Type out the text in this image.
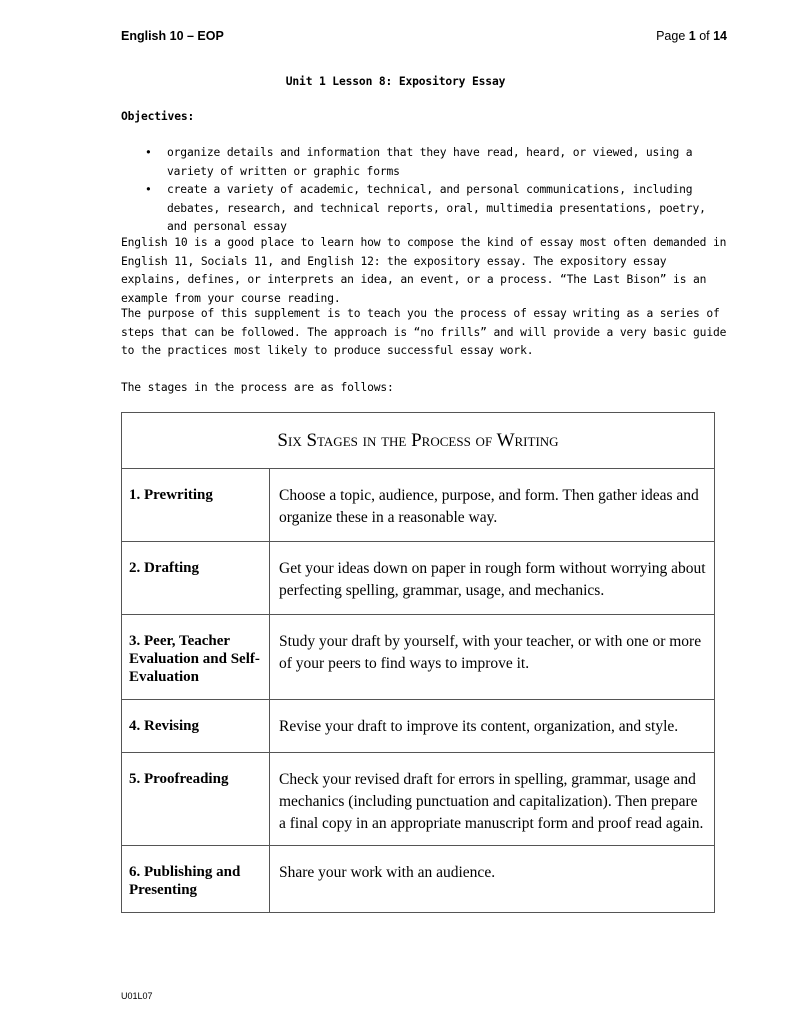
English 10 – EOP	Page 1 of 14
Unit 1 Lesson 8: Expository Essay
Objectives:
• organize details and information that they have read, heard, or viewed, using a variety of written or graphic forms
• create a variety of academic, technical, and personal communications, including debates, research, and technical reports, oral, multimedia presentations, poetry, and personal essay

English 10 is a good place to learn how to compose the kind of essay most often demanded in English 11, Socials 11, and English 12: the expository essay. The expository essay explains, defines, or interprets an idea, an event, or a process. “The Last Bison” is an example from your course reading.

The purpose of this supplement is to teach you the process of essay writing as a series of steps that can be followed. The approach is “no frills” and will provide a very basic guide to the practices most likely to produce successful essay work.

The stages in the process are as follows:

Six Stages in the Process of Writing	
1. Prewriting	Choose a topic, audience, purpose, and form. Then gather ideas and organize these in a reasonable way.
2. Drafting	Get your ideas down on paper in rough form without worrying about perfecting spelling, grammar, usage, and mechanics.

3. Peer, Teacher Evaluation and Self-Evaluation	Study your draft by yourself, with your teacher, or with one or more of your peers to find ways to improve it.
4. Revising	Revise your draft to improve its content, organization, and style.
5. Proofreading	Check your revised draft for errors in spelling, grammar, usage and mechanics (including punctuation and capitalization). Then prepare a final copy in an appropriate manuscript form and proof read again.
6. Publishing and Presenting	Share your work with an audience.
U01L07
